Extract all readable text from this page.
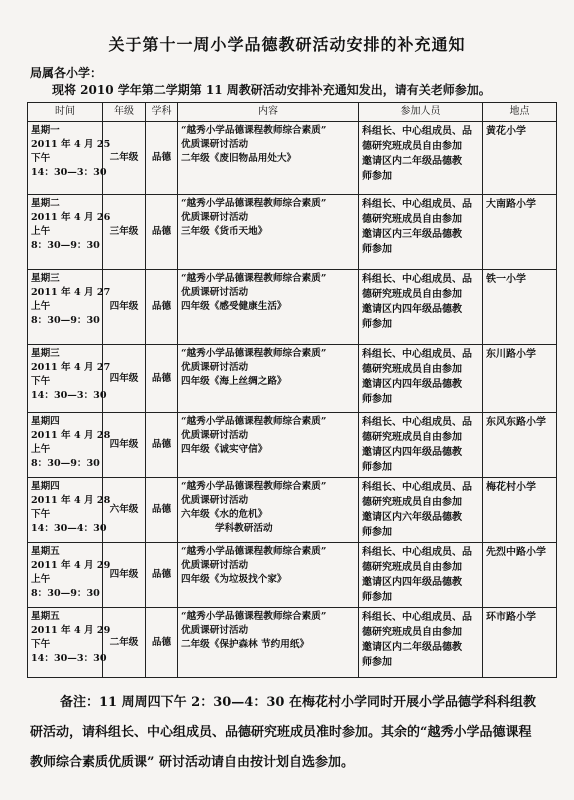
关于第十一周小学品德教研活动安排的补充通知
局属各小学：
现将 2010 学年第二学期第 11 周教研活动安排补充通知发出，请有关老师参加。
时间	年级	学科	内容	参加人员	地点

星期一
2011 年 4 月 25
下午
14：30—3：30	二年级	品德	“越秀小学品德课程教师综合素质”
优质课研讨活动
二年级《废旧物品用处大》	科组长、中心组成员、品
德研究班成员自由参加
邀请区内二年级品德教
师参加	黄花小学

星期二
2011 年 4 月 26
上午
8：30—9：30	三年级	品德	“越秀小学品德课程教师综合素质”
优质课研讨活动
三年级《货币天地》	科组长、中心组成员、品
德研究班成员自由参加
邀请区内三年级品德教
师参加	大南路小学

星期三
2011 年 4 月 27
上午
8：30—9：30	四年级	品德	“越秀小学品德课程教师综合素质”
优质课研讨活动
四年级《感受健康生活》	科组长、中心组成员、品
德研究班成员自由参加
邀请区内四年级品德教
师参加	铁一小学

星期三
2011 年 4 月 27
下午
14：30—3：30	四年级	品德	“越秀小学品德课程教师综合素质”
优质课研讨活动
四年级《海上丝绸之路》	科组长、中心组成员、品
德研究班成员自由参加
邀请区内四年级品德教
师参加	东川路小学

星期四
2011 年 4 月 28
上午
8：30—9：30	四年级	品德	“越秀小学品德课程教师综合素质”
优质课研讨活动
四年级《诚实守信》	科组长、中心组成员、品
德研究班成员自由参加
邀请区内四年级品德教
师参加	东风东路小学

星期四
2011 年 4 月 28
下午
14：30—4：30	六年级	品德	“越秀小学品德课程教师综合素质”
优质课研讨活动
六年级《水的危机》
学科教研活动	科组长、中心组成员、品
德研究班成员自由参加
邀请区内六年级品德教
师参加	梅花村小学

星期五
2011 年 4 月 29
上午
8：30—9：30	四年级	品德	“越秀小学品德课程教师综合素质”
优质课研讨活动
四年级《为垃圾找个家》	科组长、中心组成员、品
德研究班成员自由参加
邀请区内四年级品德教
师参加	先烈中路小学

星期五
2011 年 4 月 29
下午
14：30—3：30	二年级	品德	“越秀小学品德课程教师综合素质”
优质课研讨活动
二年级《保护森林 节约用纸》	科组长、中心组成员、品
德研究班成员自由参加
邀请区内二年级品德教
师参加	环市路小学
备注：11 周周四下午 2：30—4：30 在梅花村小学同时开展小学品德学科科组教研活动，请科组长、中心组成员、品德研究班成员准时参加。其余的“越秀小学品德课程教师综合素质优质课” 研讨活动请自由按计划自选参加。
